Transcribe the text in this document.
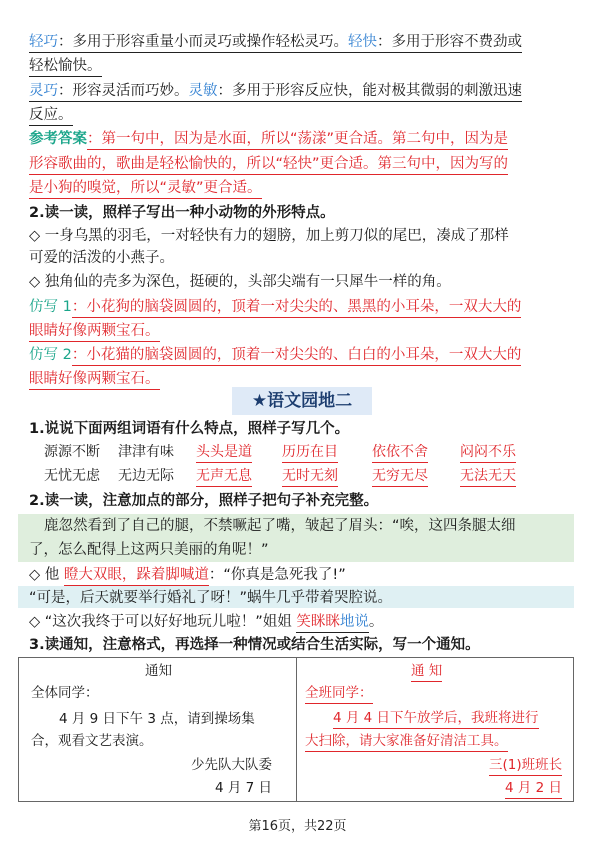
轻巧：多用于形容重量小而灵巧或操作轻松灵巧。轻快：多用于形容不费劲或
轻松愉快。
灵巧：形容灵活而巧妙。灵敏：多用于形容反应快，能对极其微弱的刺激迅速
反应。
参考答案：第一句中，因为是水面，所以“荡漾”更合适。第二句中，因为是
形容歌曲的，歌曲是轻松愉快的，所以“轻快”更合适。第三句中，因为写的
是小狗的嗅觉，所以“灵敏”更合适。
2.读一读，照样子写出一种小动物的外形特点。
◇ 一身乌黑的羽毛，一对轻快有力的翅膀，加上剪刀似的尾巴，凑成了那样
可爱的活泼的小燕子。
◇ 独角仙的壳多为深色，挺硬的，头部尖端有一只犀牛一样的角。
仿写 1：小花狗的脑袋圆圆的，顶着一对尖尖的、黑黑的小耳朵，一双大大的
眼睛好像两颗宝石。
仿写 2：小花猫的脑袋圆圆的，顶着一对尖尖的、白白的小耳朵，一双大大的
眼睛好像两颗宝石。
★语文园地二
1.说说下面两组词语有什么特点，照样子写几个。
源源不断 津津有味 头头是道 历历在目 依依不舍 闷闷不乐
无忧无虑 无边无际 无声无息 无时无刻 无穷无尽 无法无天
2.读一读，注意加点的部分，照样子把句子补充完整。
鹿忽然看到了自己的腿，不禁噘起了嘴，皱起了眉头：“唉，这四条腿太细
了，怎么配得上这两只美丽的角呢！”
◇ 他 瞪大双眼，跺着脚喊道：“你真是急死我了!”
“可是，后天就要举行婚礼了呀！”蜗牛几乎带着哭腔说。
◇ “这次我终于可以好好地玩儿啦！”姐姐 笑眯眯地说。
3.读通知，注意格式，再选择一种情况或结合生活实际，写一个通知。
通知
全体同学：
4 月 9 日下午 3 点，请到操场集
合，观看文艺表演。
少先队大队委
4 月 7 日
通 知
全班同学：
4 月 4 日下午放学后，我班将进行
大扫除，请大家准备好清洁工具。
三(1)班班长
4 月 2 日
第16页，共22页
